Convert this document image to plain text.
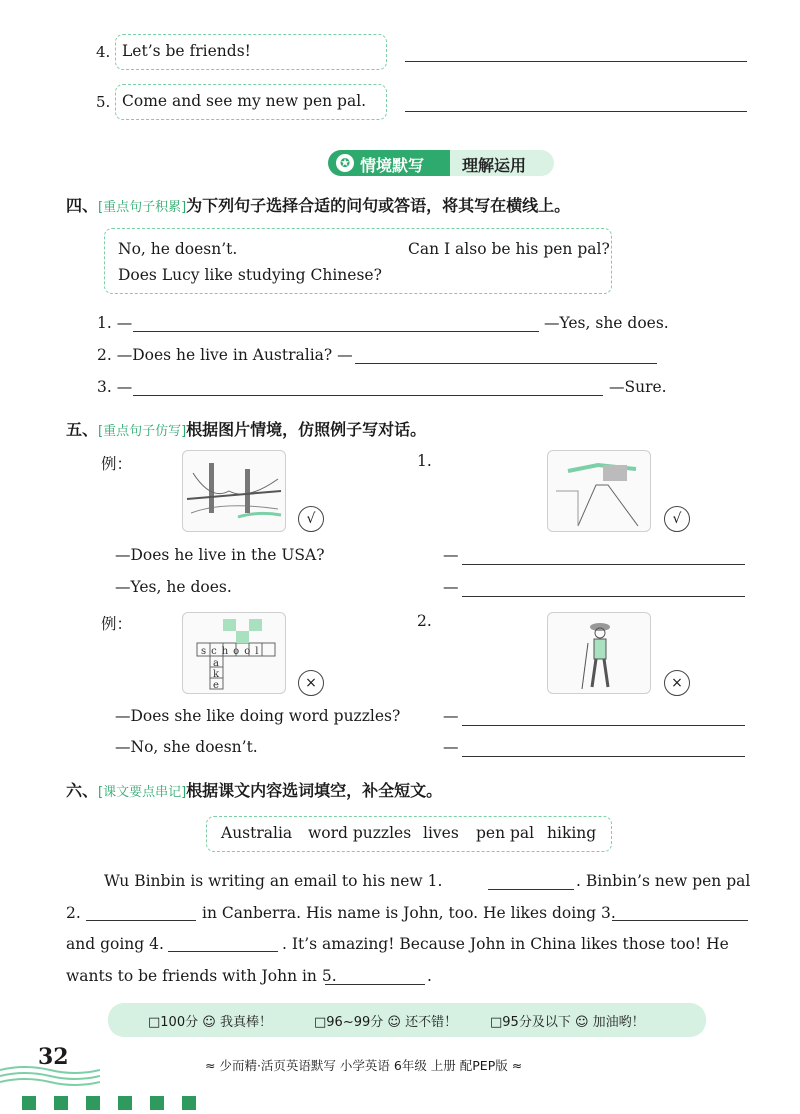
4. Let’s be friends!
5. Come and see my new pen pal.
✪ 情境默写 理解运用
四、[重点句子积累]为下列句子选择合适的问句或答语，将其写在横线上。
No, he doesn’t.	Can I also be his pen pal?
Does Lucy like studying Chinese?
1. —	—Yes, she does.
2. —Does he live in Australia? —
3. —	—Sure.
五、[重点句子仿写]根据图片情境，仿照例子写对话。
例：
√
1.
√
—Does he live in the USA?
—Yes, he does.
—
—
例：
school
a
k
e	×
2.
×
—Does she like doing word puzzles?
—No, she doesn’t.
—
—
六、[课文要点串记]根据课文内容选词填空，补全短文。
Australia word puzzles lives pen pal hiking
Wu Binbin is writing an email to his new 1.	. Binbin’s new pen pal
2.	in Canberra. His name is John, too. He likes doing 3.
and going 4.	. It’s amazing! Because John in China likes those too! He
wants to be friends with John in 5.	.
□100分 ☺ 我真棒！	□96~99分 ☺ 还不错！	□95分及以下 ☺ 加油哟！
32	≈ 少而精·活页英语默写 小学英语 6年级 上册 配PEP版 ≈
